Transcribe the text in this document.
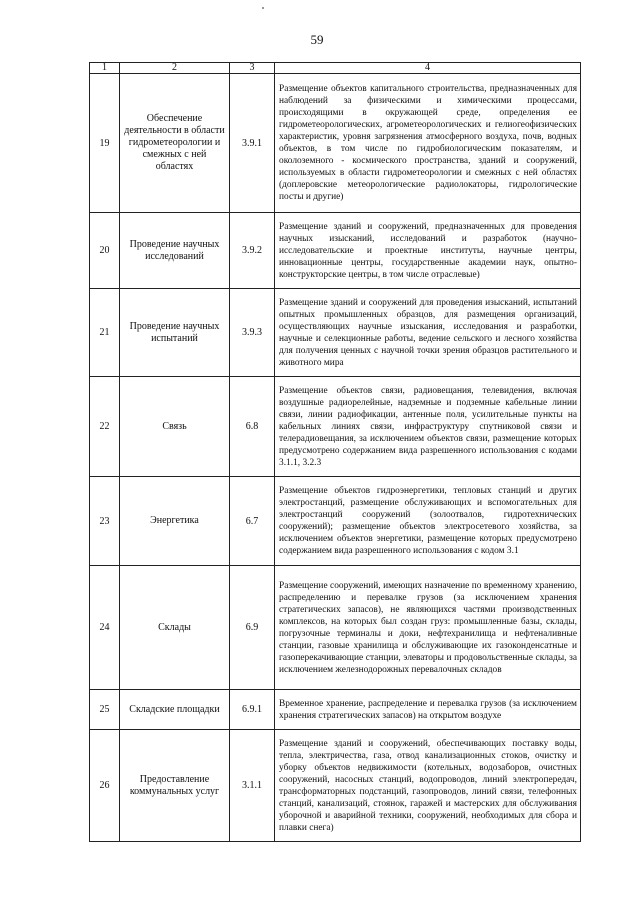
59
1	2	3	4
19	Обеспечение деятельности в области гидрометеорологии и смежных с ней областях	3.9.1	Размещение объектов капитального строительства, предназначенных для наблюдений за физическими и химическими процессами, происходящими в окружающей среде, определения ее гидрометеорологических, агрометеорологических и гелиогеофизических характеристик, уровня загрязнения атмосферного воздуха, почв, водных объектов, в том числе по гидробиологическим показателям, и околоземного - космического пространства, зданий и сооружений, используемых в области гидрометеорологии и смежных с ней областях (доплеровские метеорологические радиолокаторы, гидрологические посты и другие)
20	Проведение научных исследований	3.9.2	Размещение зданий и сооружений, предназначенных для проведения научных изысканий, исследований и разработок (научно-исследовательские и проектные институты, научные центры, инновационные центры, государственные академии наук, опытно-конструкторские центры, в том числе отраслевые)
21	Проведение научных испытаний	3.9.3	Размещение зданий и сооружений для проведения изысканий, испытаний опытных промышленных образцов, для размещения организаций, осуществляющих научные изыскания, исследования и разработки, научные и селекционные работы, ведение сельского и лесного хозяйства для получения ценных с научной точки зрения образцов растительного и животного мира
22	Связь	6.8	Размещение объектов связи, радиовещания, телевидения, включая воздушные радиорелейные, надземные и подземные кабельные линии связи, линии радиофикации, антенные поля, усилительные пункты на кабельных линиях связи, инфраструктуру спутниковой связи и телерадиовещания, за исключением объектов связи, размещение которых предусмотрено содержанием вида разрешенного использования с кодами 3.1.1, 3.2.3
23	Энергетика	6.7	Размещение объектов гидроэнергетики, тепловых станций и других электростанций, размещение обслуживающих и вспомогательных для электростанций сооружений (золоотвалов, гидротехнических сооружений); размещение объектов электросетевого хозяйства, за исключением объектов энергетики, размещение которых предусмотрено содержанием вида разрешенного использования с кодом 3.1
24	Склады	6.9	Размещение сооружений, имеющих назначение по временному хранению, распределению и перевалке грузов (за исключением хранения стратегических запасов), не являющихся частями производственных комплексов, на которых был создан груз: промышленные базы, склады, погрузочные терминалы и доки, нефтехранилища и нефтеналивные станции, газовые хранилища и обслуживающие их газоконденсатные и газоперекачивающие станции, элеваторы и продовольственные склады, за исключением железнодорожных перевалочных складов
25	Складские площадки	6.9.1	Временное хранение, распределение и перевалка грузов (за исключением хранения стратегических запасов) на открытом воздухе
26	Предоставление коммунальных услуг	3.1.1	Размещение зданий и сооружений, обеспечивающих поставку воды, тепла, электричества, газа, отвод канализационных стоков, очистку и уборку объектов недвижимости (котельных, водозаборов, очистных сооружений, насосных станций, водопроводов, линий электропередач, трансформаторных подстанций, газопроводов, линий связи, телефонных станций, канализаций, стоянок, гаражей и мастерских для обслуживания уборочной и аварийной техники, сооружений, необходимых для сбора и плавки снега)
